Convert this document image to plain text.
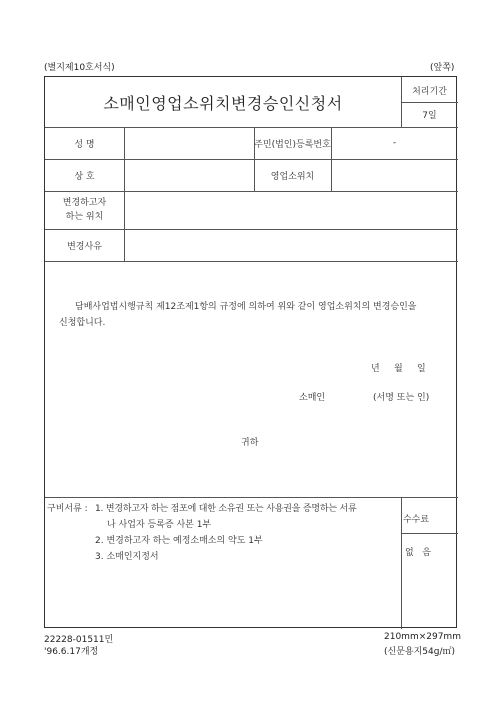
(별지제10호서식)	(앞쪽)
소매인영업소위치변경승인신청서
처리기간
7일
성 명	주민(법인)등록번호	-
상 호	영업소위치
변경하고자
하는 위치
변경사유
담배사업법시행규칙 제12조제1항의 규정에 의하여 위와 같이 영업소위치의 변경승인을
신청합니다.
년     월     일
소매인	(서명 또는 인)
귀하
구비서류 : 1. 변경하고자 하는 점포에 대한 소유권 또는 사용권을 증명하는 서류
나 사업자 등록증 사본 1부
2. 변경하고자 하는 예정소매소의 약도 1부
3. 소매인지정서
수수료
없   음
22228-01511민
'96.6.17개정
210mm×297mm
(신문용지54g/㎡)
